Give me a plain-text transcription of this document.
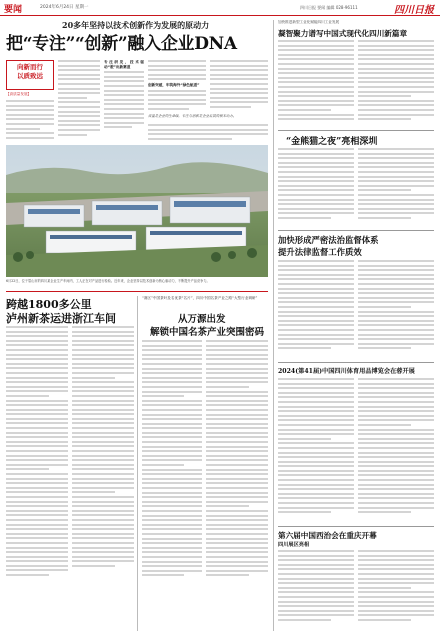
要闻	2024年6月24日 星期一	四川日报 要闻 编辑 028-96111	四川日报
20多年坚持以技术创新作为发展的原动力
把“专注”“创新”融入企业DNA
向新而行
以质致远
【高质量发展】
专注研发，技术驱动“驶”出新赛道
创新突破，牢筑海外“绿色航道”
质量是企业的生命线，专注与创新是企业发展的根本动力。
6月22日，位于眉山市的四川某企业生产车间内，工人正在对产品进行检验。近年来，企业坚持以技术创新为核心驱动力，不断提升产品竞争力。
跨越1800多公里
泸州新茶运进浙江车间
“赛区”中国茶叶及名优茶“名片”，四川中国名茶产业之路“大型行业调研”
从万源出发
解锁中国名茶产业突围密码
加快推进新型工业化赋能四川工业发展
凝智聚力谱写中国式现代化四川新篇章
“金熊猫之夜”亮相深圳
加快形成严密法治监督体系
提升法律监督工作质效
2024(第41届)中国四川体育用品博览会在蓉开展
第六届中国西治会在重庆开幕
四川展区亮相
